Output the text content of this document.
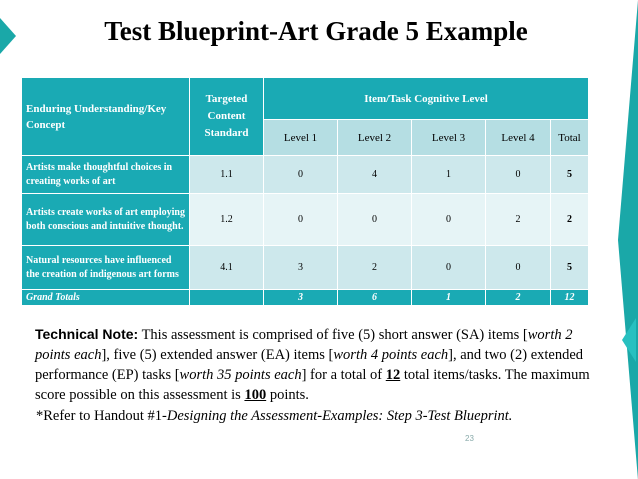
Test Blueprint-Art Grade 5 Example
Enduring Understanding/Key Concept	Targeted Content Standard	Item/Task Cognitive Level				
		Level 1	Level 2	Level 3	Level 4	Total
Artists make thoughtful choices in creating works of art	1.1	0	4	1	0	5
Artists create works of art employing both conscious and intuitive thought.	1.2	0	0	0	2	2
Natural resources have influenced the creation of indigenous art forms	4.1	3	2	0	0	5
Grand Totals		3	6	1	2	12
Technical Note: This assessment is comprised of five (5) short answer (SA) items [worth 2 points each], five (5) extended answer (EA) items [worth 4 points each], and two (2) extended performance (EP) tasks [worth 35 points each] for a total of 12 total items/tasks. The maximum score possible on this assessment is 100 points.
*Refer to Handout #1-Designing the Assessment-Examples: Step 3-Test Blueprint.
23
